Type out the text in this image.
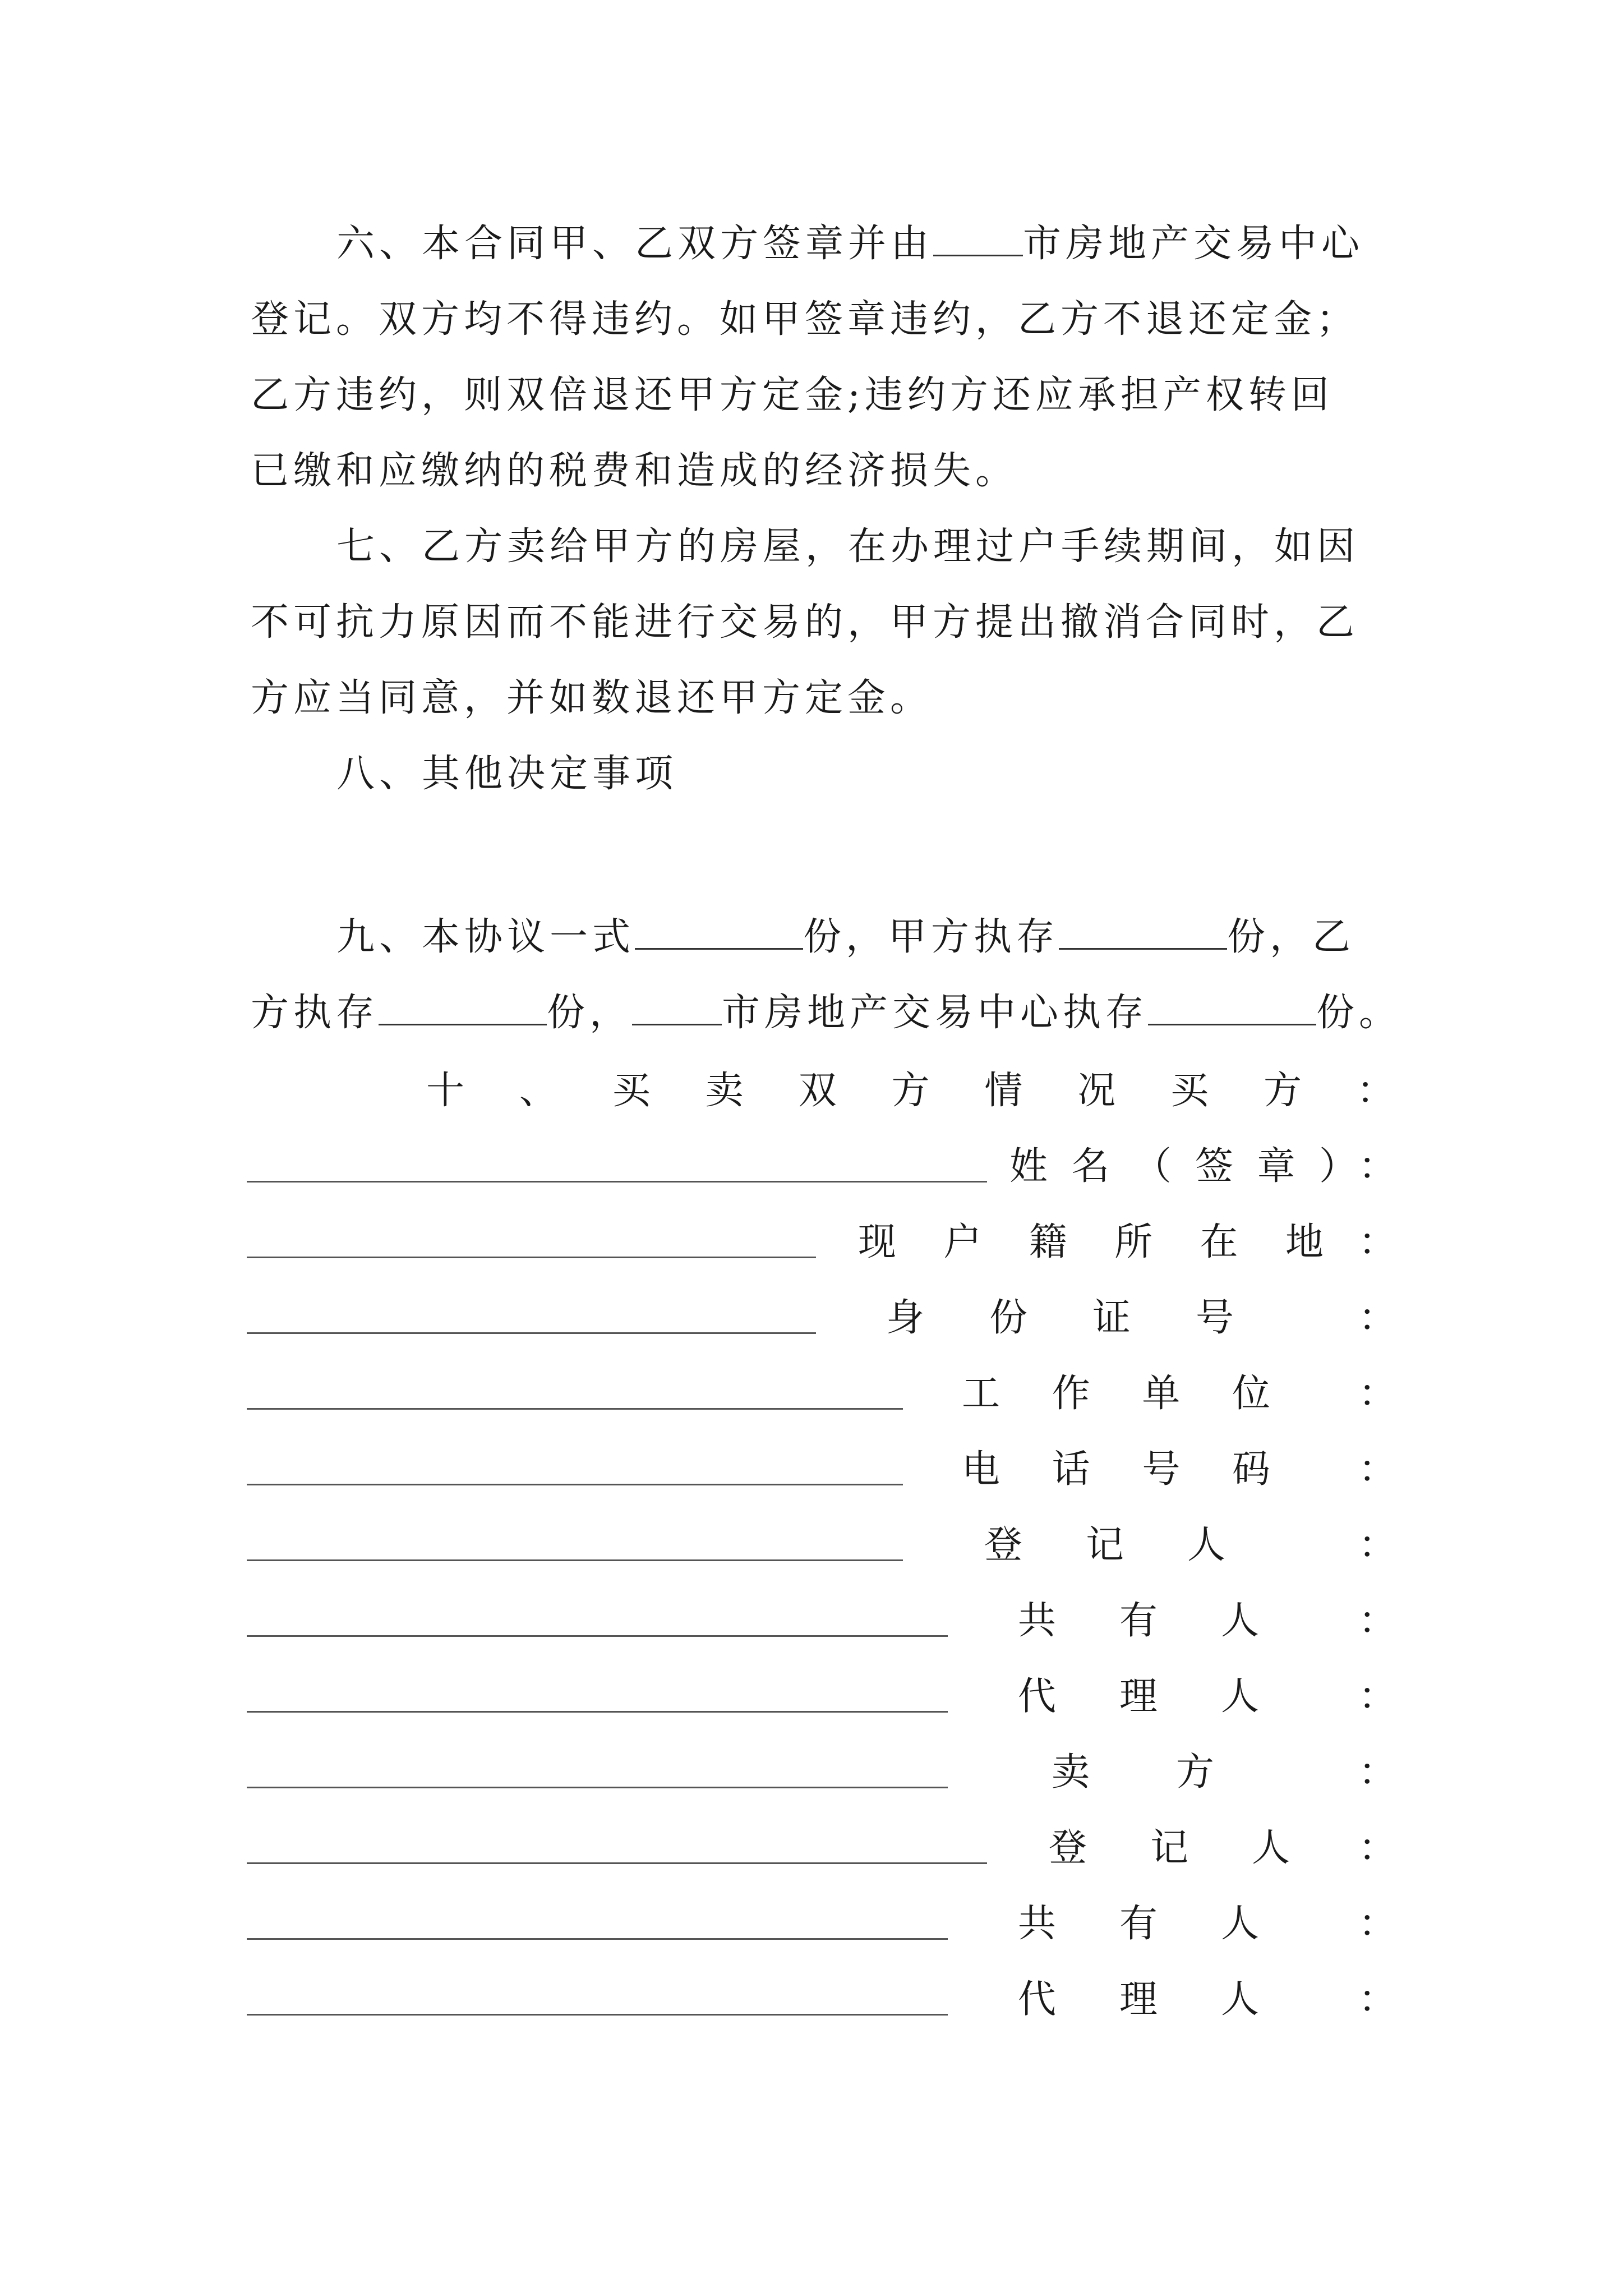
六、本合同甲、乙双方签章并由 市房地产交易中心
登记。双方均不得违约。如甲签章违约，乙方不退还定金；
乙方违约，则双倍退还甲方定金;违约方还应承担产权转回
已缴和应缴纳的税费和造成的经济损失。
七、乙方卖给甲方的房屋，在办理过户手续期间，如因
不可抗力原因而不能进行交易的，甲方提出撤消合同时，乙
方应当同意，并如数退还甲方定金。
八、其他决定事项
九、本协议一式	份，甲方执存	份，乙
方执存	份， 市房地产交易中心执存	份。
十 、 买 卖 双 方 情 况 买 方 ：
姓 名 （ 签 章 ） ：
现 户 籍 所 在 地 ：
身 份 证 号	：
工 作 单 位 ：
电 话 号 码 ：
登 记 人	：
共 有 人	：
代 理 人	：
卖 方	：
登 记 人 ：
共 有 人	：
代 理 人	：
